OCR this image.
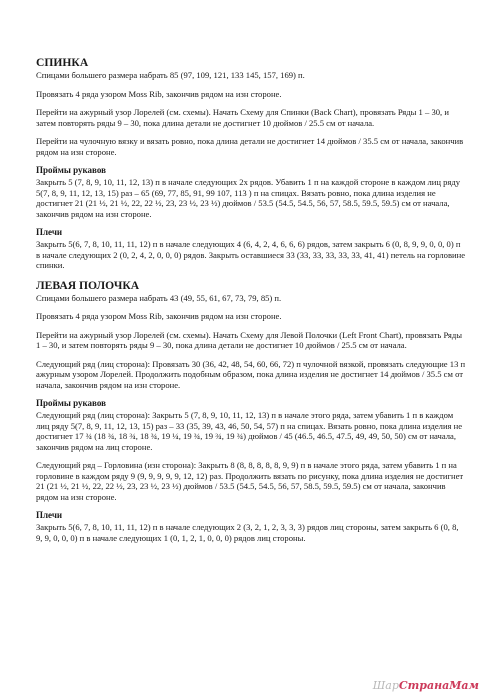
СПИНКА

Спицами большего размера набрать 85 (97, 109, 121, 133 145, 157, 169) п.

Провязать 4 ряда узором Moss Rib, закончив рядом на изн стороне.

Перейти на ажурный узор Лорелей (см. схемы). Начать Схему для Спинки (Back Chart), провязать Ряды 1 – 30, и затем повторять ряды 9 – 30, пока длина детали не достигнет 10 дюймов / 25.5 см от начала.

Перейти на чулочную вязку и вязать ровно, пока длина детали не достигнет 14 дюймов / 35.5 см от начала, закончив рядом на изн стороне.

Проймы рукавов

Закрыть 5 (7, 8, 9, 10, 11, 12, 13) п в начале следующих 2х рядов. Убавить 1 п на каждой стороне в каждом лиц ряду 5(7, 8, 9, 11, 12, 13, 15) раз – 65 (69, 77, 85, 91, 99 107, 113 ) п на спицах. Вязать ровно, пока длина изделия не достигнет 21 (21 ½, 21 ½, 22, 22 ½, 23, 23 ½, 23 ½) дюймов / 53.5 (54.5, 54.5, 56, 57, 58.5, 59.5, 59.5) см от начала, закончив рядом на изн стороне.

Плечи

Закрыть 5(6, 7, 8, 10, 11, 11, 12) п в начале следующих 4 (6, 4, 2, 4, 6, 6, 6) рядов, затем закрыть 6 (0, 8, 9, 9, 0, 0, 0) п в начале следующих 2 (0, 2, 4, 2, 0, 0, 0) рядов. Закрыть оставшиеся 33 (33, 33, 33, 33, 33, 41, 41) петель на горловине спинки.

ЛЕВАЯ ПОЛОЧКА

Спицами большего размера набрать 43 (49, 55, 61, 67, 73, 79, 85) п.

Провязать 4 ряда узором Moss Rib, закончив рядом на изн стороне.

Перейти на ажурный узор Лорелей (см. схемы). Начать Схему для Левой Полочки (Left Front Chart), провязать Ряды 1 – 30, и затем повторять ряды 9 – 30, пока длина детали не достигнет 10 дюймов / 25.5 см от начала.

Следующий ряд (лиц сторона): Провязать 30 (36, 42, 48, 54, 60, 66, 72) п чулочной вязкой, провязать следующие 13 п ажурным узором Лорелей. Продолжить подобным образом, пока длина изделия не достигнет 14 дюймов / 35.5 см от начала, закончив рядом на изн стороне.

Проймы рукавов

Следующий ряд (лиц сторона): Закрыть 5 (7, 8, 9, 10, 11, 12, 13) п в начале этого ряда, затем убавить 1 п в каждом лиц ряду 5(7, 8, 9, 11, 12, 13, 15) раз – 33 (35, 39, 43, 46, 50, 54, 57) п на спицах. Вязать ровно, пока длина изделия не достигнет 17 ¾ (18 ¾, 18 ¾, 18 ¾, 19 ¼, 19 ¾, 19 ¾, 19 ¾) дюймов / 45 (46.5, 46.5, 47.5, 49, 49, 50, 50) см от начала, закончив рядом на лиц стороне.

Следующий ряд – Горловина (изн сторона): Закрыть 8 (8, 8, 8, 8, 8, 9, 9) п в начале этого ряда, затем убавить 1 п на горловине в каждом ряду 9 (9, 9, 9, 9, 9, 12, 12) раз. Продолжить вязать по рисунку, пока длина изделия не достигнет 21 (21 ½, 21 ½, 22, 22 ½, 23, 23 ½, 23 ½) дюймов / 53.5 (54.5, 54.5, 56, 57, 58.5, 59.5, 59.5) см от начала, закончив рядом на изн стороне.

Плечи

Закрыть 5(6, 7, 8, 10, 11, 11, 12) п в начале следующих 2 (3, 2, 1, 2, 3, 3, 3) рядов лиц стороны, затем закрыть 6 (0, 8, 9, 9, 0, 0, 0) п в начале следующих 1 (0, 1, 2, 1, 0, 0, 0) рядов лиц стороны.

ШарСтранаМам
